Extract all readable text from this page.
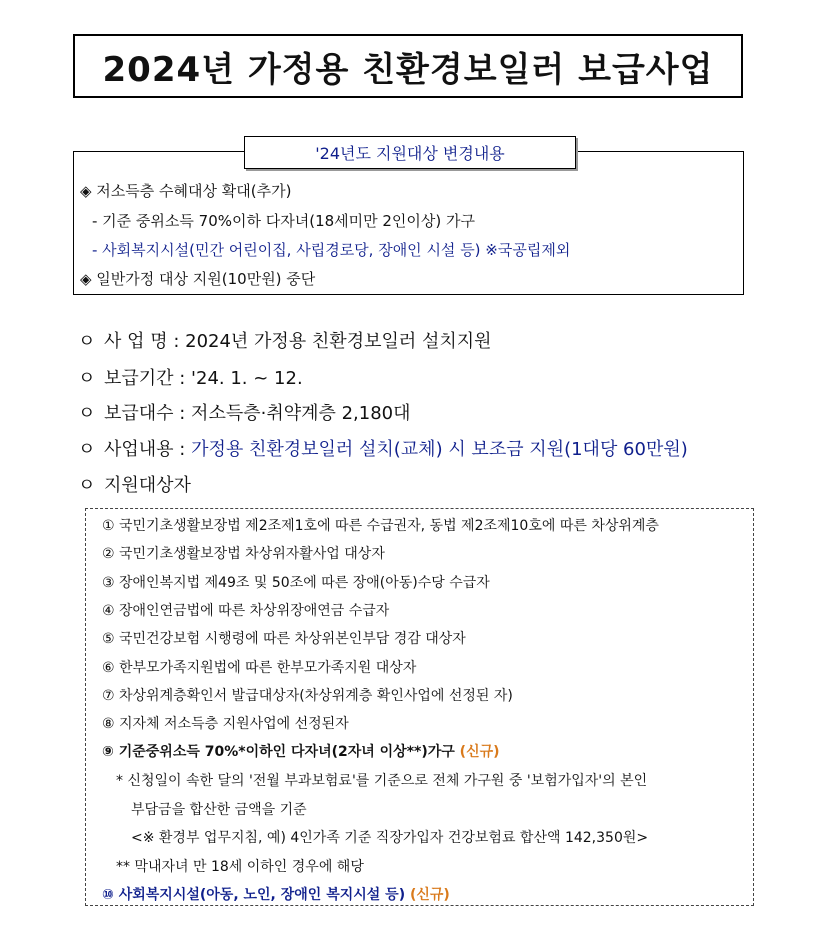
2024년 가정용 친환경보일러 보급사업
'24년도 지원대상 변경내용
◈ 저소득층 수혜대상 확대(추가)
- 기준 중위소득 70%이하 다자녀(18세미만 2인이상) 가구
- 사회복지시설(민간 어린이집, 사립경로당, 장애인 시설 등) ※국공립제외
◈ 일반가정 대상 지원(10만원) 중단
ㅇ 사 업 명 : 2024년 가정용 친환경보일러 설치지원
ㅇ 보급기간 : '24. 1. ~ 12.
ㅇ 보급대수 : 저소득층·취약계층 2,180대
ㅇ 사업내용 : 가정용 친환경보일러 설치(교체) 시 보조금 지원(1대당 60만원)
ㅇ 지원대상자
① 국민기초생활보장법 제2조제1호에 따른 수급권자, 동법 제2조제10호에 따른 차상위계층
② 국민기초생활보장법 차상위자활사업 대상자
③ 장애인복지법 제49조 및 50조에 따른 장애(아동)수당 수급자
④ 장애인연금법에 따른 차상위장애연금 수급자
⑤ 국민건강보험 시행령에 따른 차상위본인부담 경감 대상자
⑥ 한부모가족지원법에 따른 한부모가족지원 대상자
⑦ 차상위계층확인서 발급대상자(차상위계층 확인사업에 선정된 자)
⑧ 지자체 저소득층 지원사업에 선정된자
⑨ 기준중위소득 70%*이하인 다자녀(2자녀 이상**)가구 (신규)
* 신청일이 속한 달의 '전월 부과보험료'를 기준으로 전체 가구원 중 '보험가입자'의 본인
부담금을 합산한 금액을 기준
<※ 환경부 업무지침, 예) 4인가족 기준 직장가입자 건강보험료 합산액 142,350원>
** 막내자녀 만 18세 이하인 경우에 해당
⑩ 사회복지시설(아동, 노인, 장애인 복지시설 등) (신규)
